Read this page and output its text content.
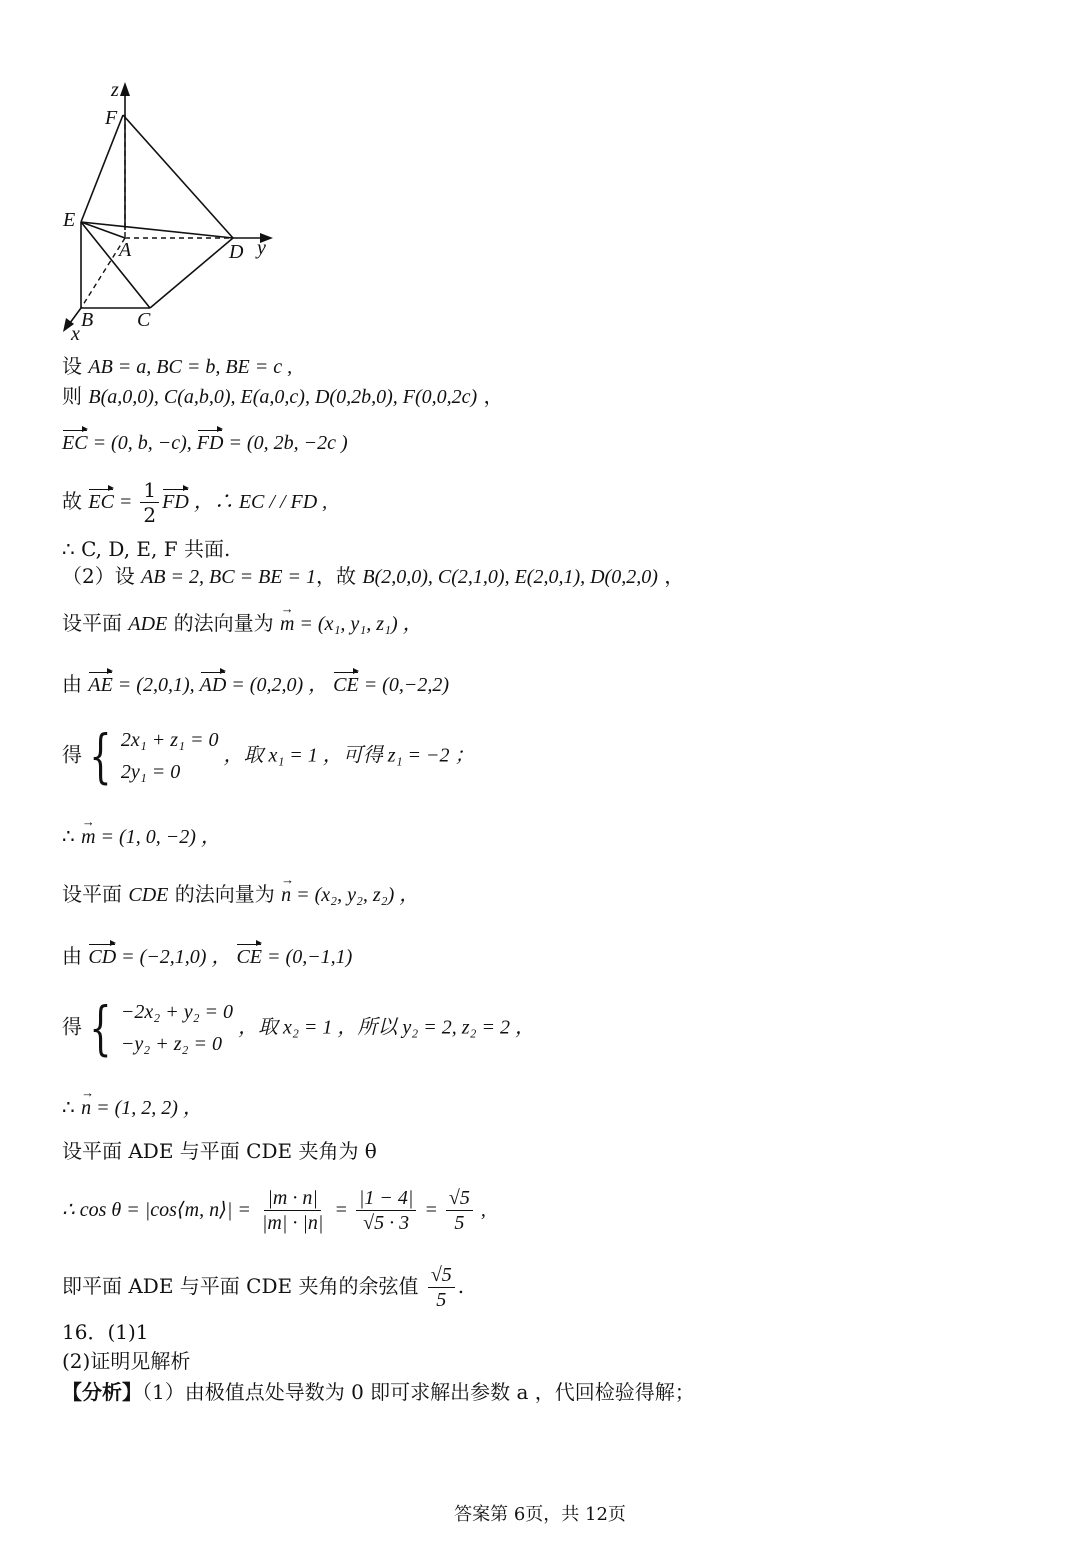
z
F
E
A	D y
B C
x
设 AB = a, BC = b, BE = c ,
则 B(a,0,0), C(a,b,0), E(a,0,c), D(0,2b,0), F(0,0,2c) ，
EC = (0, b, −c), FD = (0, 2b, −2c )
故 EC = $\frac{1}{2}$ FD ，∴ EC / / FD ,
∴ C, D, E, F 共面.
（2）设 AB = 2, BC = BE = 1，故 B(2,0,0), C(2,1,0), E(2,0,1), D(0,2,0) ，
设平面 ADE 的法向量为 → m = (x₁, y₁, z₁) ，
由 AE = (2,0,1), AD = (0,2,0) ， CE = (0,−2,2)
得 { 2x₁ + z₁ = 0
2y₁ = 0
，取 x₁ = 1 ，可得 z₁ = −2 ；
∴ → m = (1, 0, −2) ，
设平面 CDE 的法向量为 → n = (x₂, y₂, z₂) ，
由 CD = (−2,1,0) ， CE = (0,−1,1)
得 { −2x₂ + y₂ = 0
−y₂ + z₂ = 0
，取 x₂ = 1 ，所以 y₂ = 2, z₂ = 2 ，
∴ → n = (1, 2, 2) ，
设平面 ADE 与平面 CDE 夹角为 θ
∴ cos θ = |cos⟨m, n⟩| = $\frac{|m \cdot n|}{|m| \cdot |n|} = \frac{|1 - 4|}{√5 \cdot 3} = \frac{√5}{5}$ ,
即平面 ADE 与平面 CDE 夹角的余弦值 $\frac{√5}{5}$ .
16．(1)1
(2)证明见解析
【分析】（1）由极值点处导数为 0 即可求解出参数 a ，代回检验得解；
答案第 6页，共 12页
